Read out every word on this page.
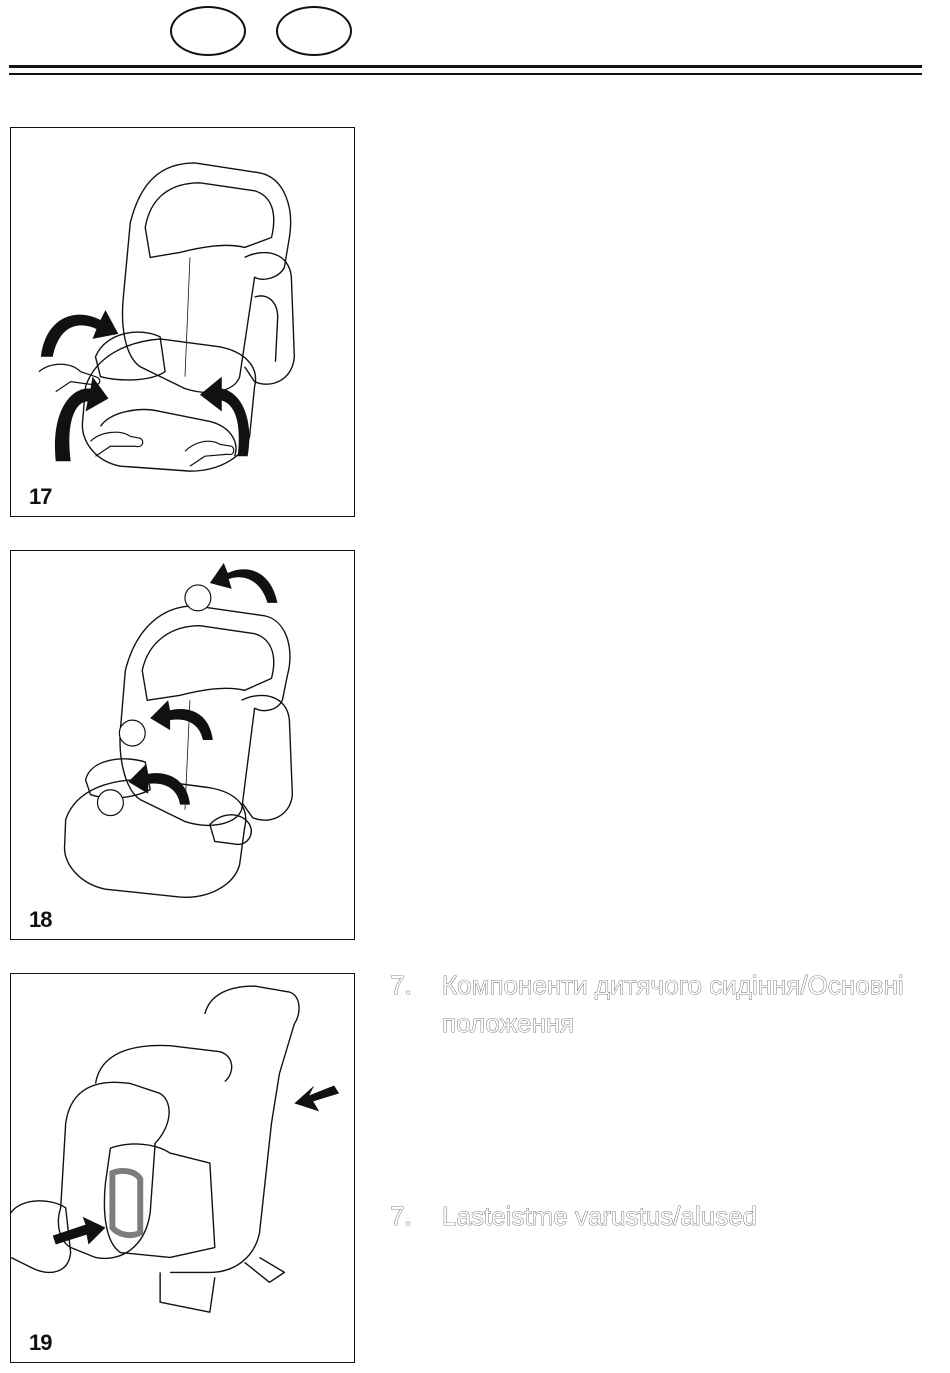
17
18
19
7.	Компоненти дитячого сидіння/Основні положення
7.	Lasteistme varustus/alused
